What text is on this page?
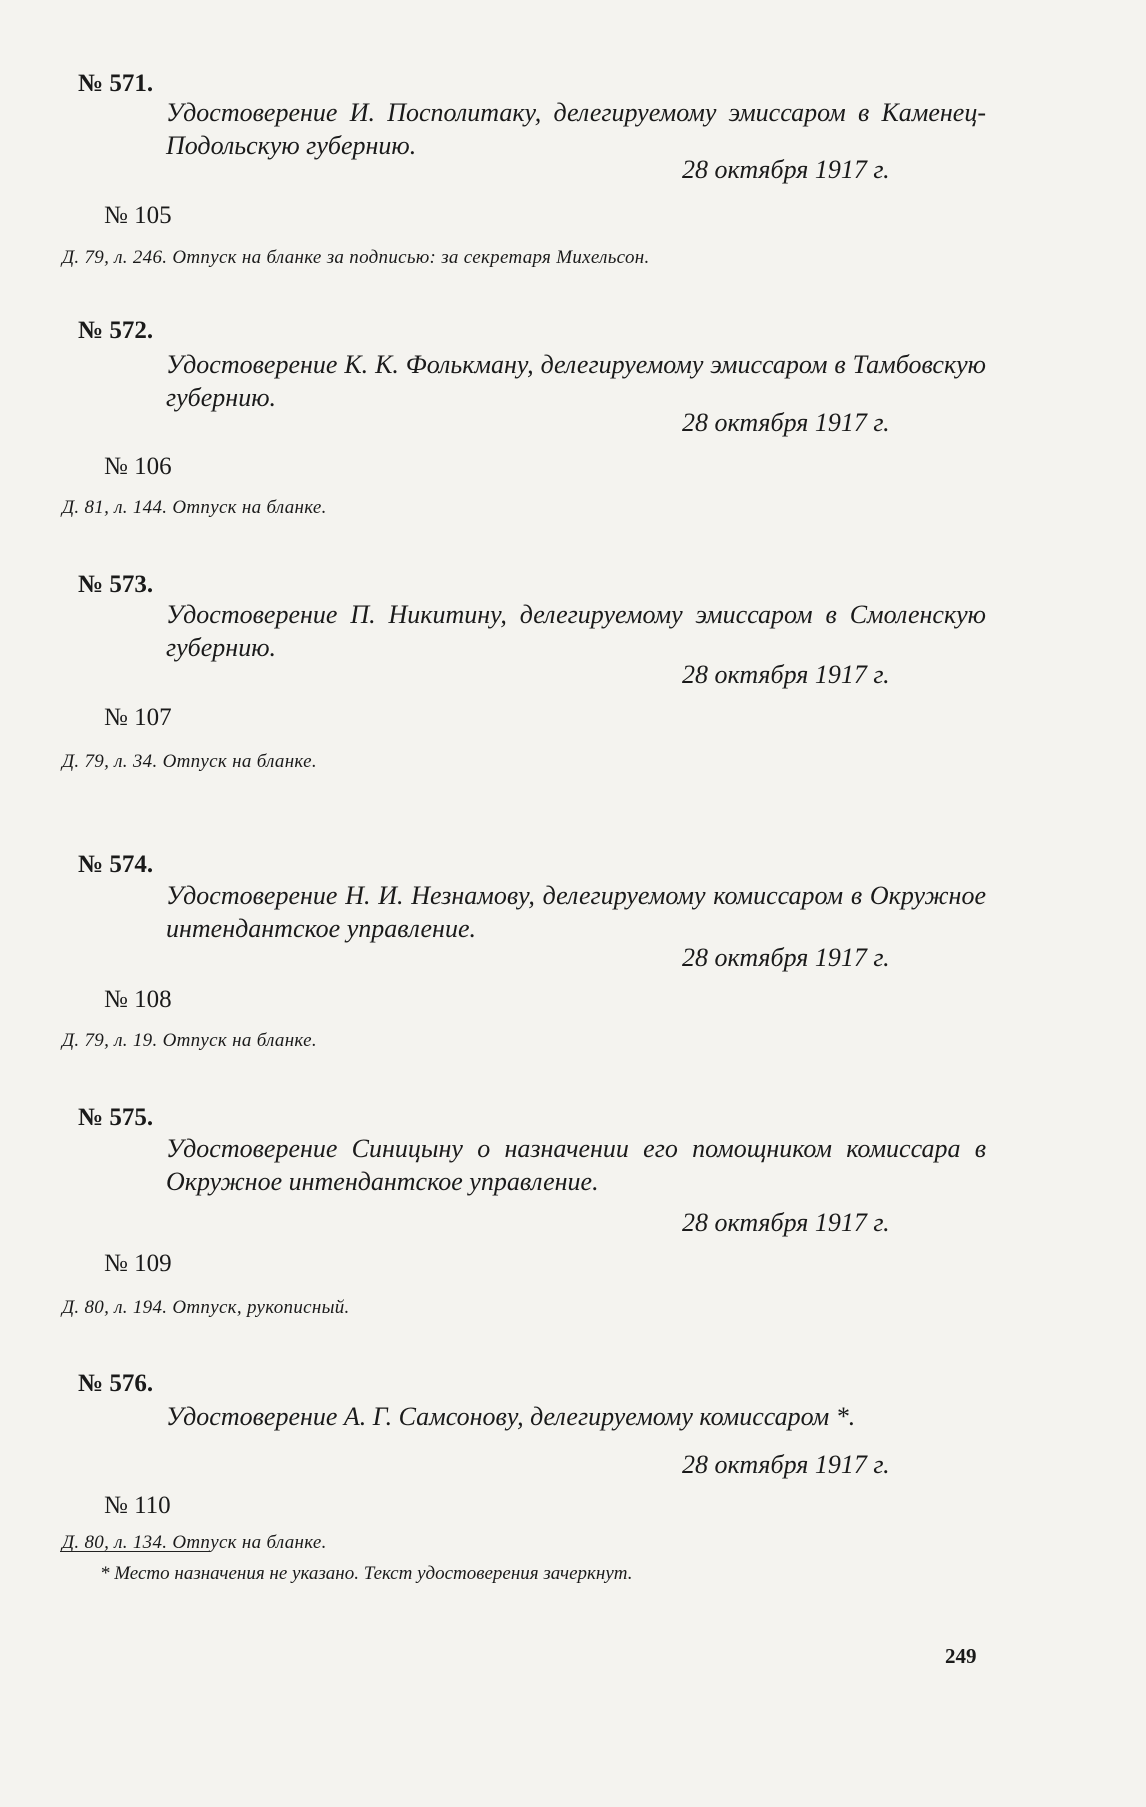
№ 571.
Удостоверение И. Посполитаку, делегируемому эмиссаром в Каменец-Подольскую губернию.
28 октября 1917 г.
№ 105
Д. 79, л. 246. Отпуск на бланке за подписью: за секретаря Михельсон.
№ 572.
Удостоверение К. К. Фолькману, делегируемому эмиссаром в Тамбовскую губернию.
28 октября 1917 г.
№ 106
Д. 81, л. 144. Отпуск на бланке.
№ 573.
Удостоверение П. Никитину, делегируемому эмиссаром в Смоленскую губернию.
28 октября 1917 г.
№ 107
Д. 79, л. 34. Отпуск на бланке.
№ 574.
Удостоверение Н. И. Незнамову, делегируемому комиссаром в Окружное интендантское управление.
28 октября 1917 г.
№ 108
Д. 79, л. 19. Отпуск на бланке.
№ 575.
Удостоверение Синицыну о назначении его помощником комиссара в Окружное интендантское управление.
28 октября 1917 г.
№ 109
Д. 80, л. 194. Отпуск, рукописный.
№ 576.
Удостоверение А. Г. Самсонову, делегируемому комиссаром *.
28 октября 1917 г.
№ 110
Д. 80, л. 134. Отпуск на бланке.
* Место назначения не указано. Текст удостоверения зачеркнут.
249
